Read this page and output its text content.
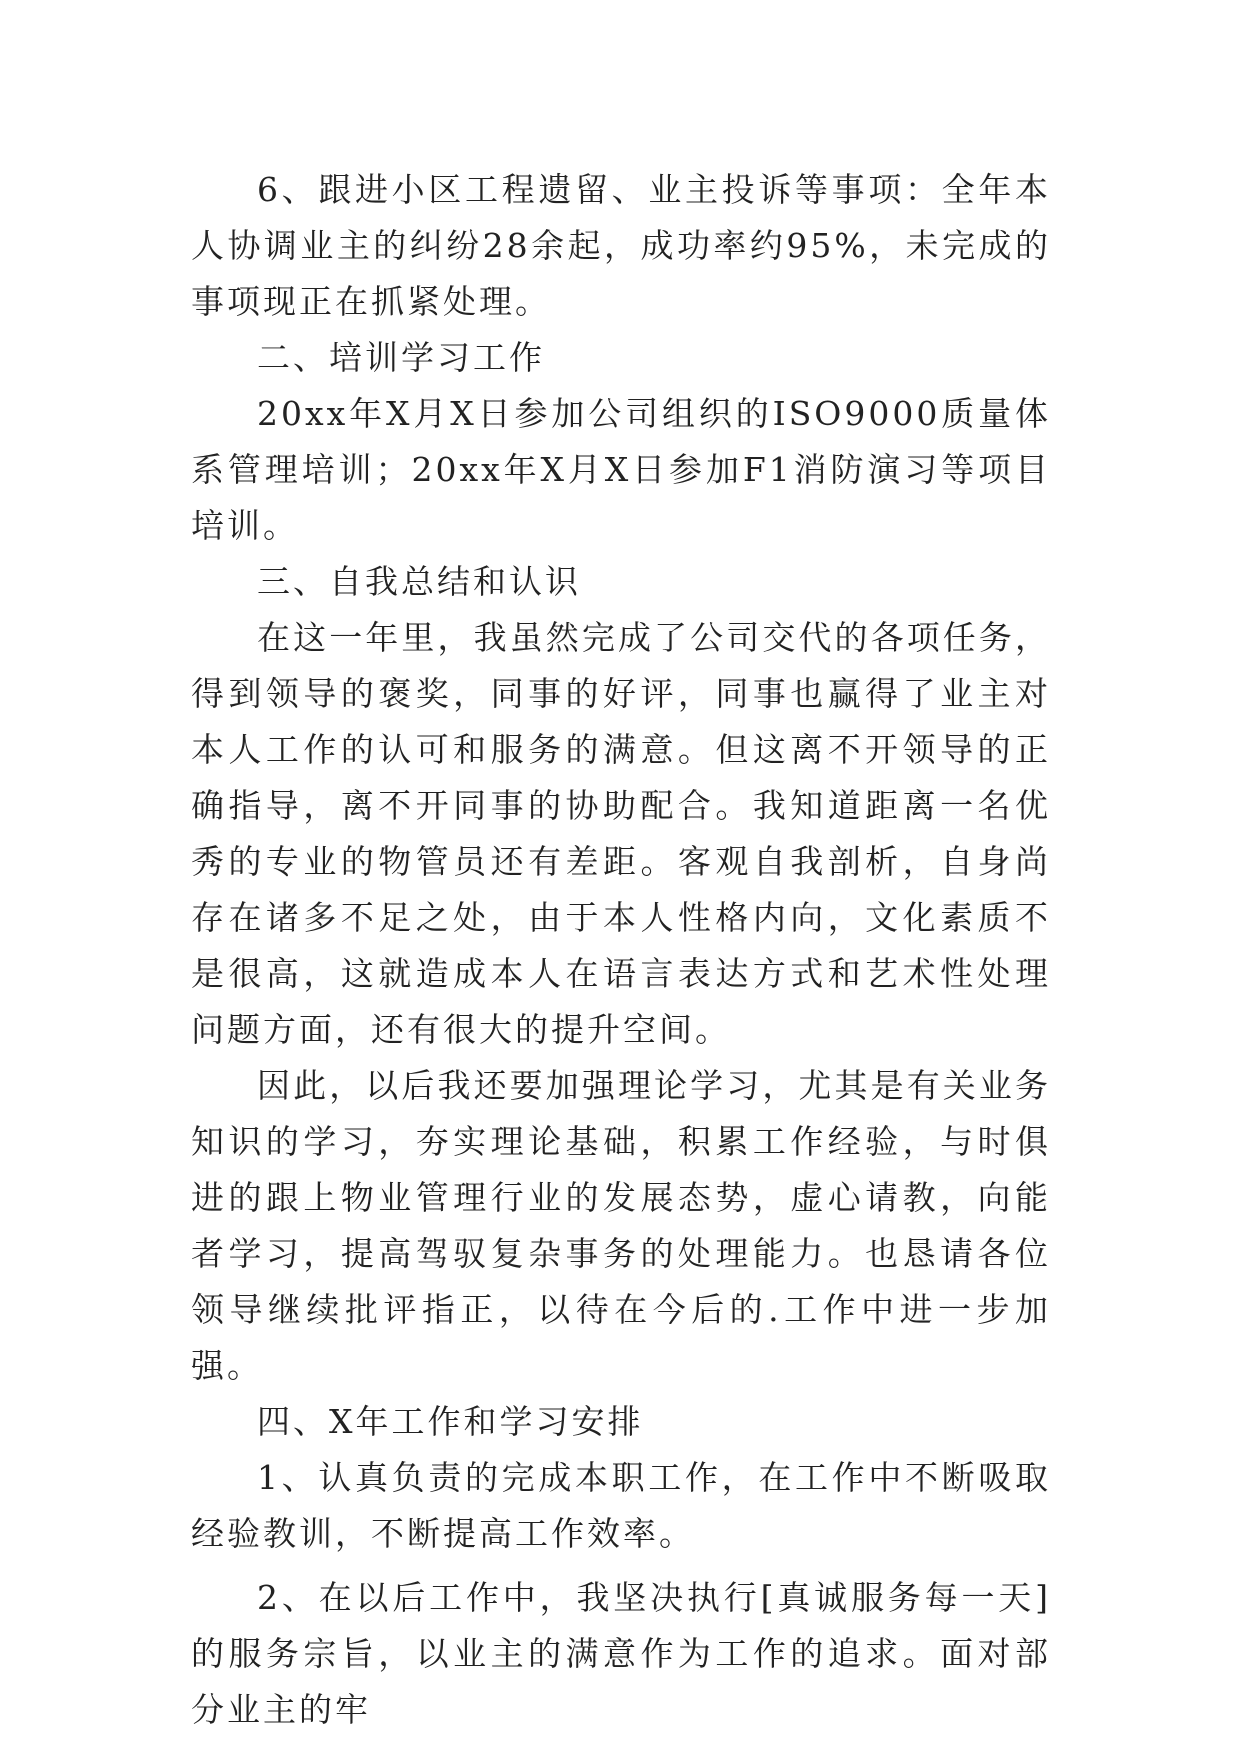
6、跟进小区工程遗留、业主投诉等事项：全年本人协调业主的纠纷28余起，成功率约95%，未完成的事项现正在抓紧处理。

二、培训学习工作

20xx年X月X日参加公司组织的ISO9000质量体系管理培训；20xx年X月X日参加F1消防演习等项目培训。

三、自我总结和认识

在这一年里，我虽然完成了公司交代的各项任务，得到领导的褒奖，同事的好评，同事也赢得了业主对本人工作的认可和服务的满意。但这离不开领导的正确指导，离不开同事的协助配合。我知道距离一名优秀的专业的物管员还有差距。客观自我剖析，自身尚存在诸多不足之处，由于本人性格内向，文化素质不是很高，这就造成本人在语言表达方式和艺术性处理问题方面，还有很大的提升空间。

因此，以后我还要加强理论学习，尤其是有关业务知识的学习，夯实理论基础，积累工作经验，与时俱进的跟上物业管理行业的发展态势，虚心请教，向能者学习，提高驾驭复杂事务的处理能力。也恳请各位领导继续批评指正，以待在今后的.工作中进一步加强。

四、X年工作和学习安排

1、认真负责的完成本职工作，在工作中不断吸取经验教训，不断提高工作效率。

2、在以后工作中，我坚决执行[真诚服务每一天]的服务宗旨，以业主的满意作为工作的追求。面对部分业主的牢
